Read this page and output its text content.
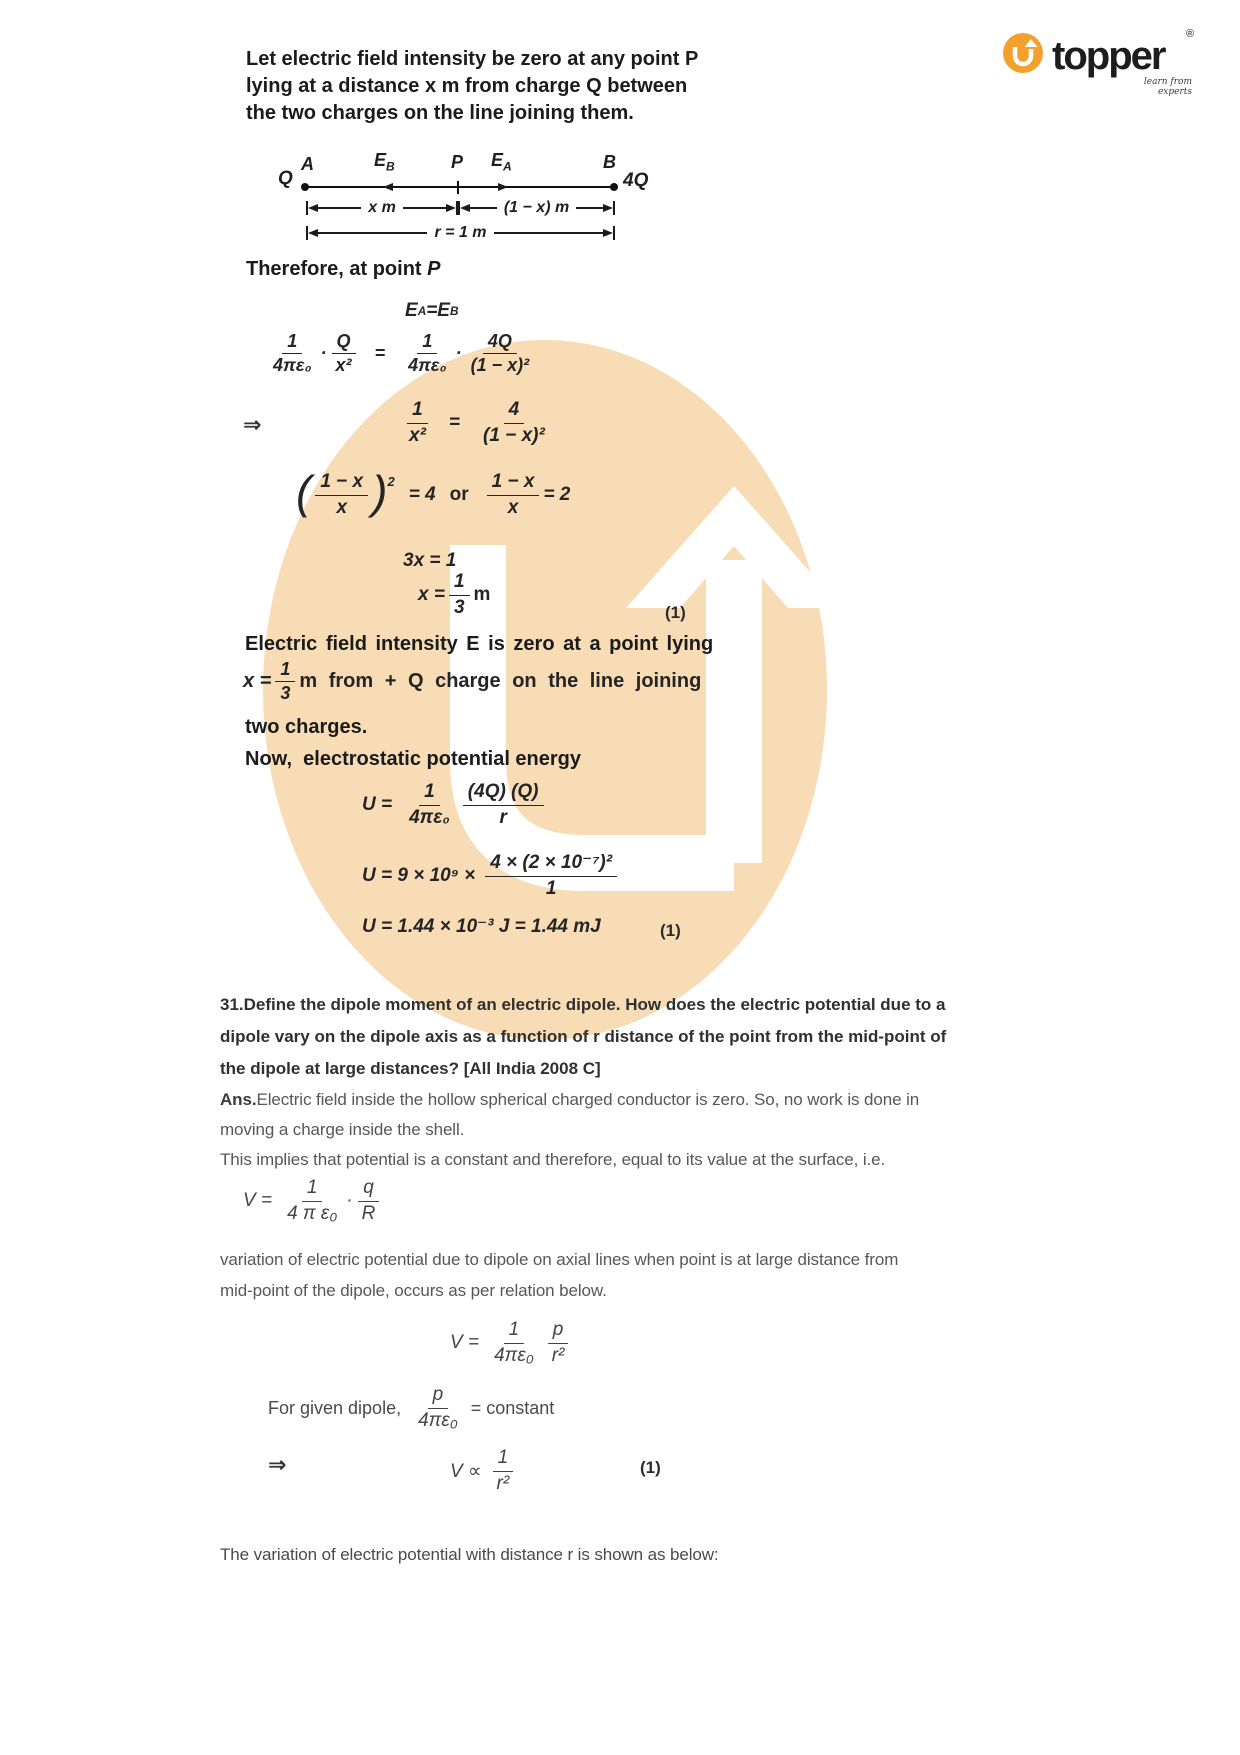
topper ®
learn from experts
Let electric field intensity be zero at any point P
lying at a distance x m from charge Q between
the two charges on the line joining them.
Q
A	$E_B$	P $E_A$	B
4Q
x m	(1 − x) m
r = 1 m
Therefore, at point P
E A = E B
$\frac{1}{\text{4πε₀}} \cdot \frac{Q}{\text{x²}} = \frac{1}{\text{4πε₀}} \cdot \frac{4Q}{\text{(1 − x)²}}$
⇒	$\frac{1}{\text{x²}} = \frac{4}{\text{(1 − x)²}}$
( $\frac{1 - x}{x}$ ) 2
= 4 or $\frac{1 - x}{x} = 2$
3x = 1
$x = \frac{1}{3}$ m
(1)
Electric field intensity E is zero at a point lying
$x = \frac{1}{3}$ m from + Q charge on the line joining
two charges.
Now, electrostatic potential energy
$U = \frac{1}{\text{4πε₀}} \frac{(4Q) (Q)}{r}$
$U = 9 \times 10^9 \times \frac{\text{4 × (2 × 10⁻⁷)²}}{1}$
U = 1.44 × 10⁻³ J = 1.44 mJ	(1)
31.Define the dipole moment of an electric dipole. How does the electric potential due to a
dipole vary on the dipole axis as a function of r distance of the point from the mid-point of
the dipole at large distances? [All India 2008 C]
Ans.Electric field inside the hollow spherical charged conductor is zero. So, no work is done in
moving a charge inside the shell.
This implies that potential is a constant and therefore, equal to its value at the surface, i.e.
$V = \frac{1}{\text{4 π ε₀}} \cdot \frac{q}{R}$
variation of electric potential due to dipole on axial lines when point is at large distance from
mid-point of the dipole, occurs as per relation below.
$V = \frac{1}{\text{4πε₀}} \frac{p}{\text{r²}}$
For given dipole, $\frac{p}{\text{4πε₀}}$ = constant
⇒	$V \propto \frac{1}{\text{r²}}$	(1)
The variation of electric potential with distance r is shown as below:
